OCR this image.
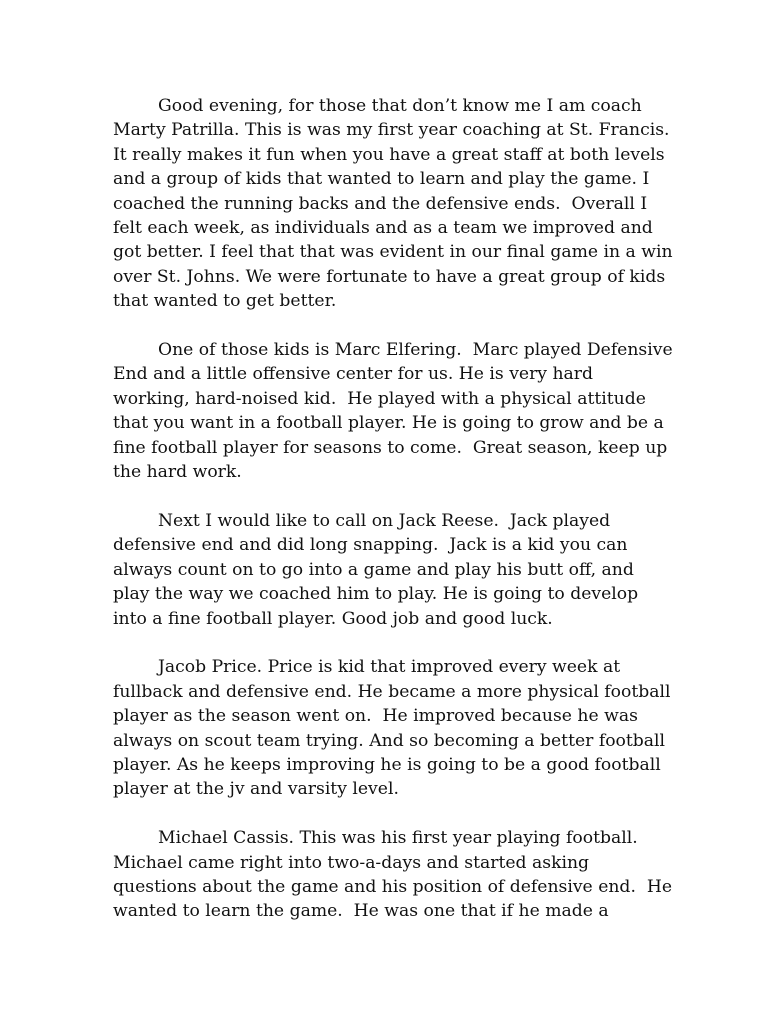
Good evening, for those that don’t know me I am coach
Marty Patrilla. This is was my first year coaching at St. Francis.
It really makes it fun when you have a great staff at both levels
and a group of kids that wanted to learn and play the game. I
coached the running backs and the defensive ends.  Overall I
felt each week, as individuals and as a team we improved and
got better. I feel that that was evident in our final game in a win
over St. Johns. We were fortunate to have a great group of kids
that wanted to get better.

One of those kids is Marc Elfering.  Marc played Defensive
End and a little offensive center for us. He is very hard
working, hard-noised kid.  He played with a physical attitude
that you want in a football player. He is going to grow and be a
fine football player for seasons to come.  Great season, keep up
the hard work.

Next I would like to call on Jack Reese.  Jack played
defensive end and did long snapping.  Jack is a kid you can
always count on to go into a game and play his butt off, and
play the way we coached him to play. He is going to develop
into a fine football player. Good job and good luck.

Jacob Price. Price is kid that improved every week at
fullback and defensive end. He became a more physical football
player as the season went on.  He improved because he was
always on scout team trying. And so becoming a better football
player. As he keeps improving he is going to be a good football
player at the jv and varsity level.

Michael Cassis. This was his first year playing football.
Michael came right into two-a-days and started asking
questions about the game and his position of defensive end.  He
wanted to learn the game.  He was one that if he made a
